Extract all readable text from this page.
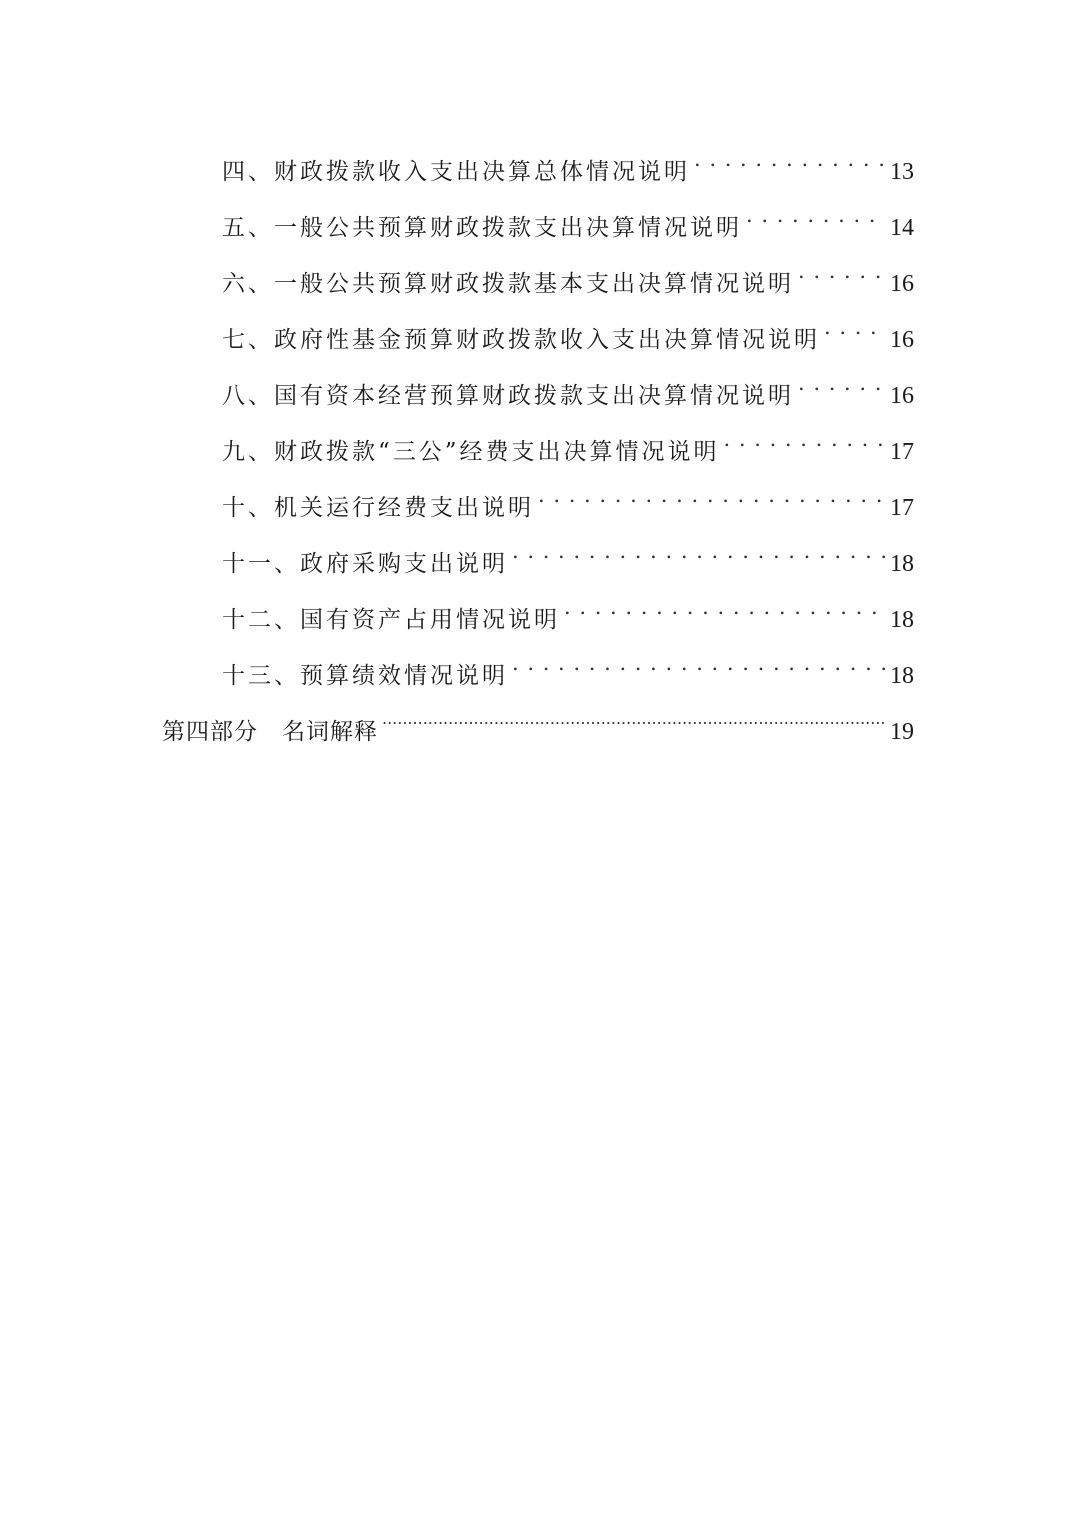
四、财政拨款收入支出决算总体情况说明 . . .	13
五、一般公共预算财政拨款支出决算情况说明 . . .	14
六、一般公共预算财政拨款基本支出决算情况说明 . . .	16
七、政府性基金预算财政拨款收入支出决算情况说明 . . .	16
八、国有资本经营预算财政拨款支出决算情况说明 . . .	16
九、财政拨款“三公”经费支出决算情况说明 . . .	17
十、机关运行经费支出说明 . . .	17
十一、政府采购支出说明 . . .	18
十二、国有资产占用情况说明 . . .	18
十三、预算绩效情况说明 . . .	18
第四部分　名词解释 .....	19
